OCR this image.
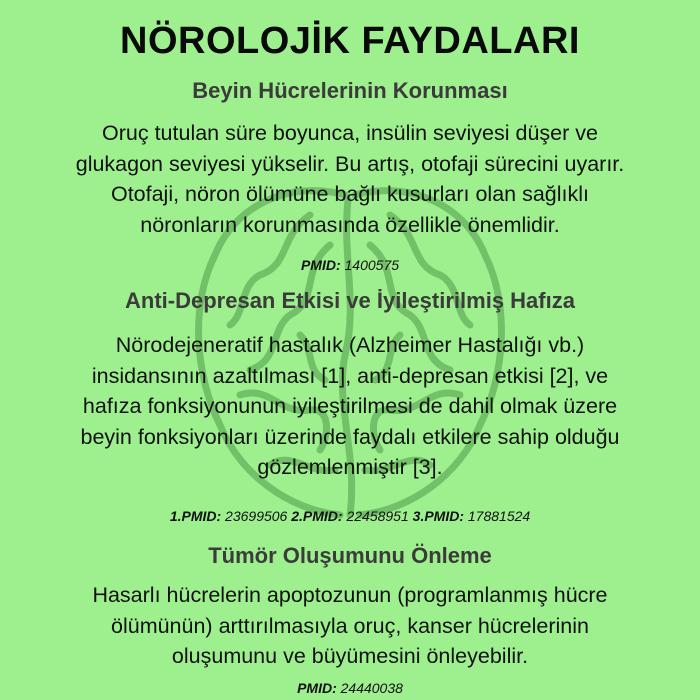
NÖROLOJİK FAYDALARI
Beyin Hücrelerinin Korunması
Oruç tutulan süre boyunca, insülin seviyesi düşer ve
glukagon seviyesi yükselir. Bu artış, otofaji sürecini uyarır.
Otofaji, nöron ölümüne bağlı kusurları olan sağlıklı
nöronların korunmasında özellikle önemlidir.
PMID: 1400575
Anti-Depresan Etkisi ve İyileştirilmiş Hafıza
Nörodejeneratif hastalık (Alzheimer Hastalığı vb.)
insidansının azaltılması [1], anti-depresan etkisi [2], ve
hafıza fonksiyonunun iyileştirilmesi de dahil olmak üzere
beyin fonksiyonları üzerinde faydalı etkilere sahip olduğu
gözlemlenmiştir [3].
1.PMID: 23699506 2.PMID: 22458951 3.PMID: 17881524
Tümör Oluşumunu Önleme
Hasarlı hücrelerin apoptozunun (programlanmış hücre
ölümünün) arttırılmasıyla oruç, kanser hücrelerinin
oluşumunu ve büyümesini önleyebilir.
PMID: 24440038
